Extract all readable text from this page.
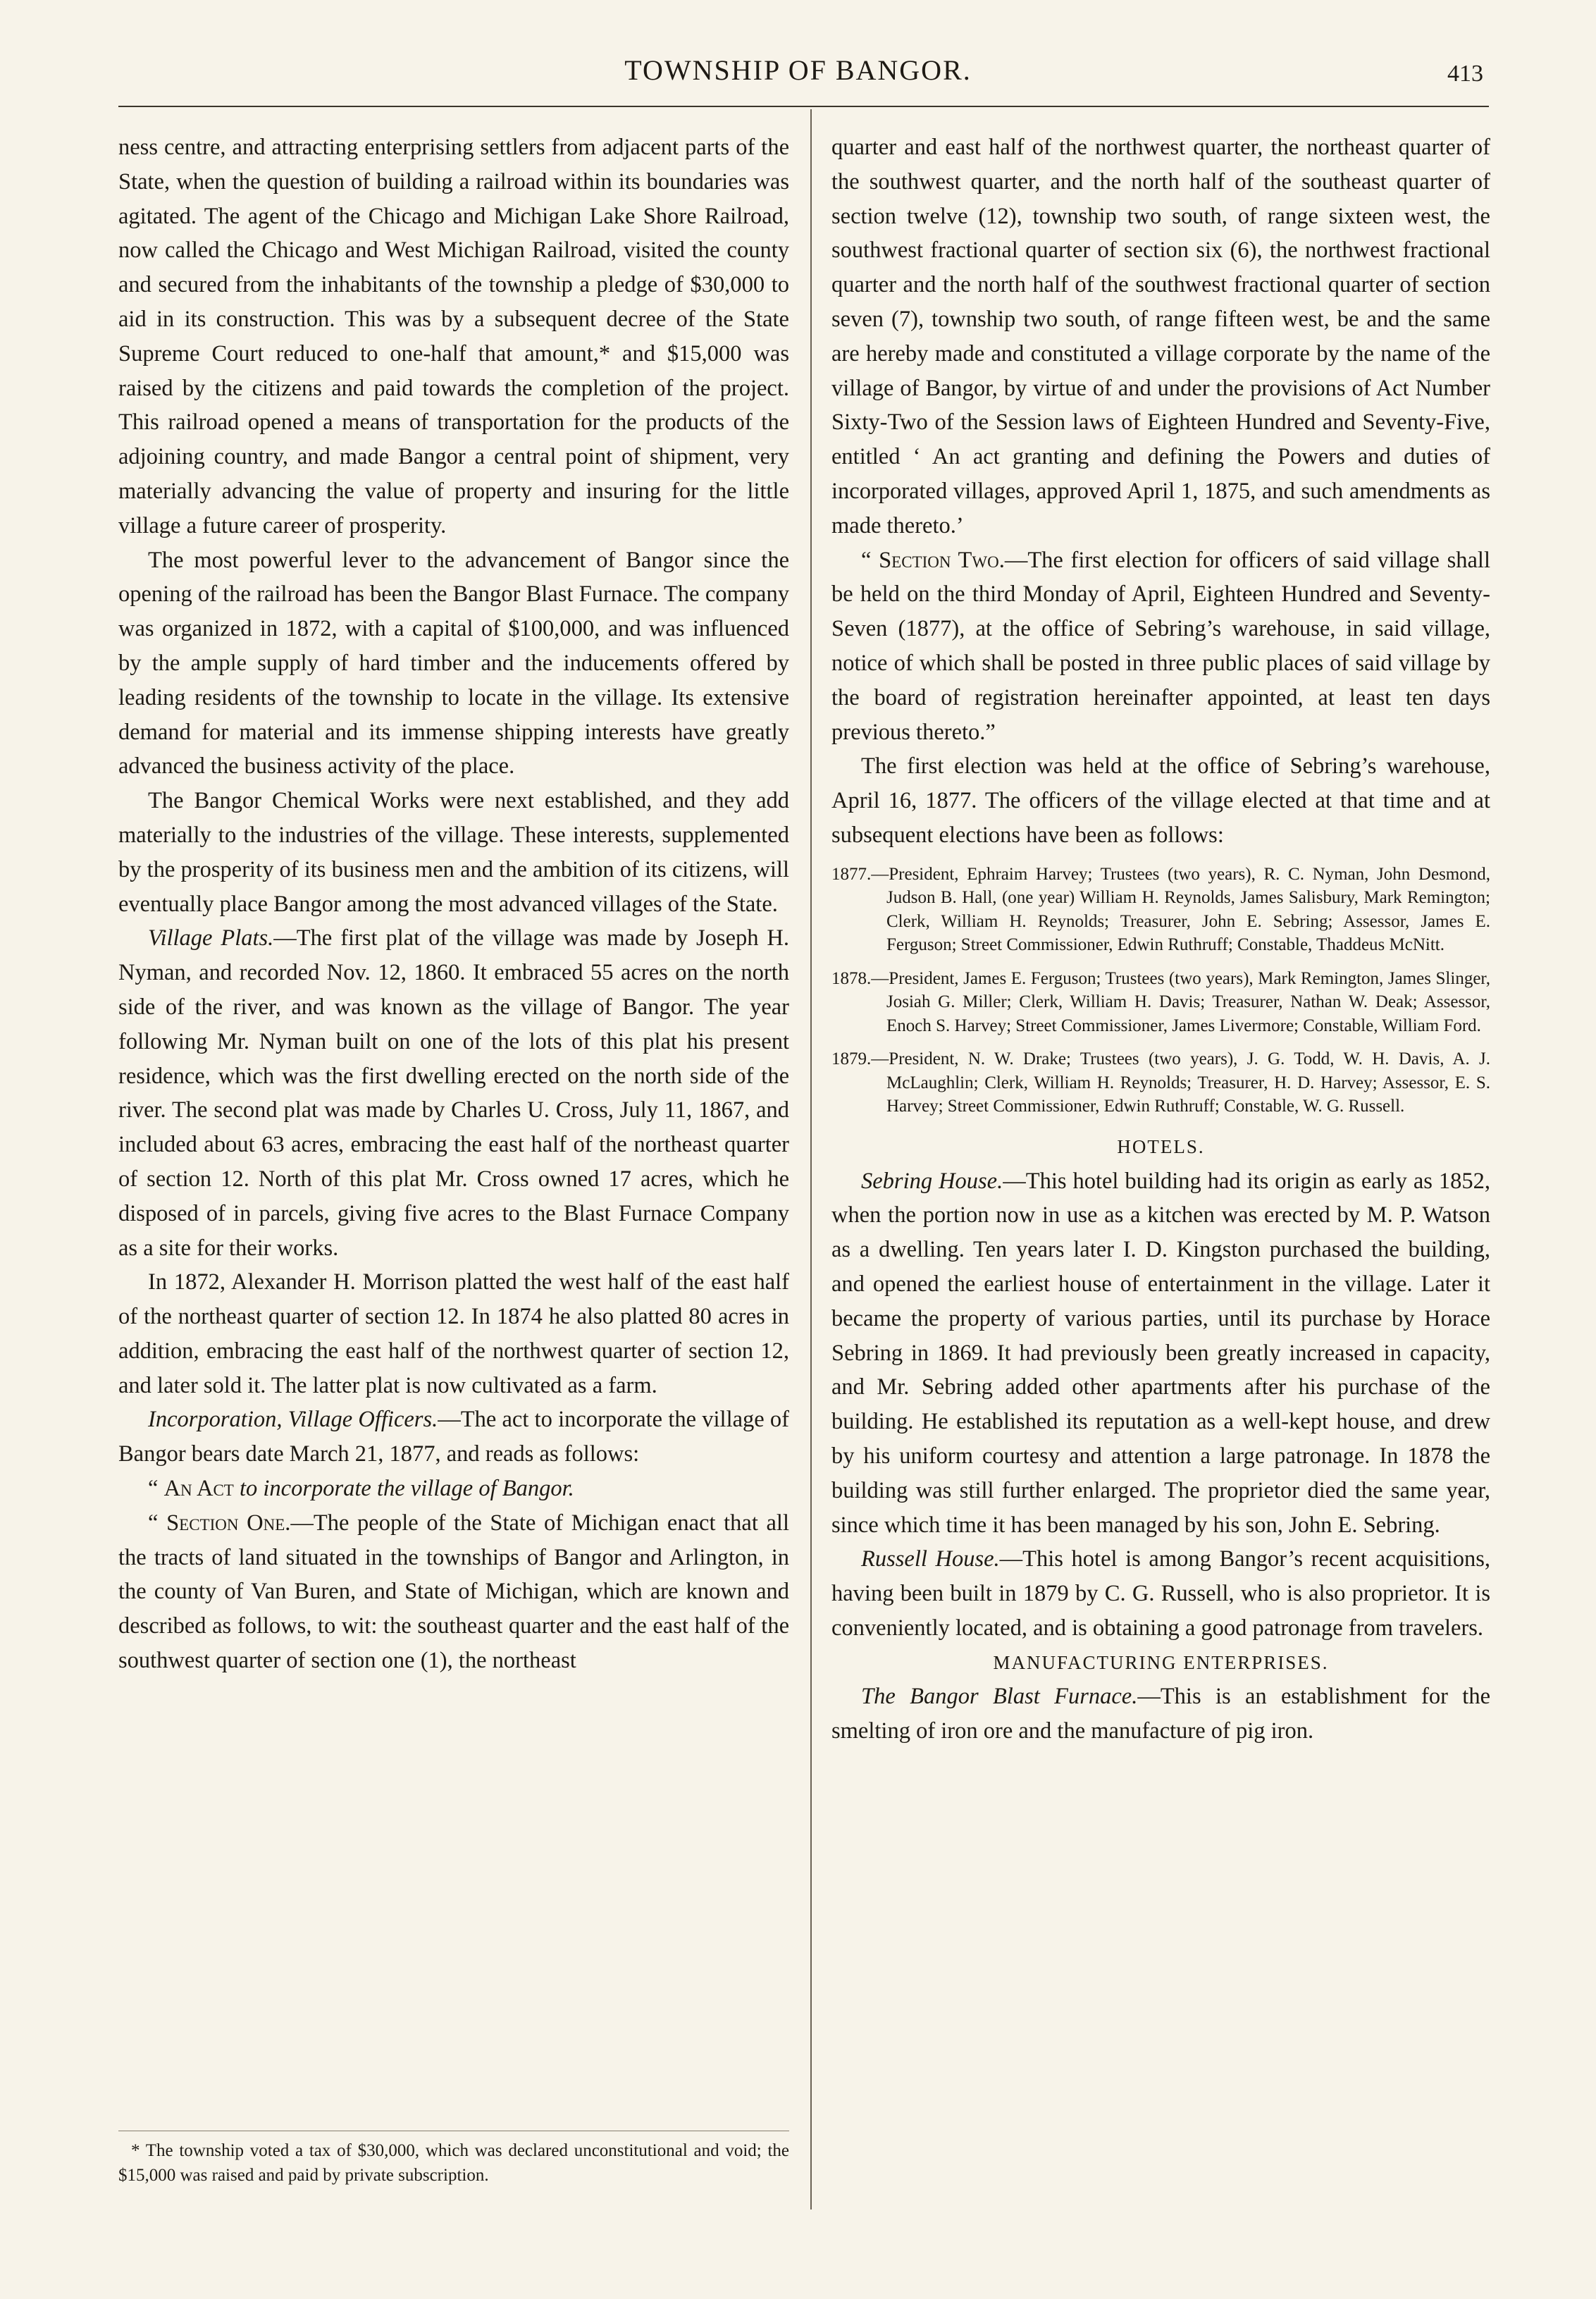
TOWNSHIP OF BANGOR.	413

ness centre, and attracting enterprising settlers from adjacent parts of the State, when the question of building a railroad within its boundaries was agitated. The agent of the Chicago and Michigan Lake Shore Railroad, now called the Chicago and West Michigan Railroad, visited the county and secured from the inhabitants of the township a pledge of $30,000 to aid in its construction. This was by a subsequent decree of the State Supreme Court reduced to one-half that amount,* and $15,000 was raised by the citizens and paid towards the completion of the project. This railroad opened a means of transportation for the products of the adjoining country, and made Bangor a central point of shipment, very materially advancing the value of property and insuring for the little village a future career of prosperity.

The most powerful lever to the advancement of Bangor since the opening of the railroad has been the Bangor Blast Furnace. The company was organized in 1872, with a capital of $100,000, and was influenced by the ample supply of hard timber and the inducements offered by leading residents of the township to locate in the village. Its extensive demand for material and its immense shipping interests have greatly advanced the business activity of the place.

The Bangor Chemical Works were next established, and they add materially to the industries of the village. These interests, supplemented by the prosperity of its business men and the ambition of its citizens, will eventually place Bangor among the most advanced villages of the State.

Village Plats.—The first plat of the village was made by Joseph H. Nyman, and recorded Nov. 12, 1860. It embraced 55 acres on the north side of the river, and was known as the village of Bangor. The year following Mr. Nyman built on one of the lots of this plat his present residence, which was the first dwelling erected on the north side of the river. The second plat was made by Charles U. Cross, July 11, 1867, and included about 63 acres, embracing the east half of the northeast quarter of section 12. North of this plat Mr. Cross owned 17 acres, which he disposed of in parcels, giving five acres to the Blast Furnace Company as a site for their works.

In 1872, Alexander H. Morrison platted the west half of the east half of the northeast quarter of section 12. In 1874 he also platted 80 acres in addition, embracing the east half of the northwest quarter of section 12, and later sold it. The latter plat is now cultivated as a farm.

Incorporation, Village Officers.—The act to incorporate the village of Bangor bears date March 21, 1877, and reads as follows:

“ An Act to incorporate the village of Bangor.

“ Section One.—The people of the State of Michigan enact that all the tracts of land situated in the townships of Bangor and Arlington, in the county of Van Buren, and State of Michigan, which are known and described as follows, to wit: the southeast quarter and the east half of the southwest quarter of section one (1), the northeast

* The township voted a tax of $30,000, which was declared unconstitutional and void; the $15,000 was raised and paid by private subscription.

quarter and east half of the northwest quarter, the northeast quarter of the southwest quarter, and the north half of the southeast quarter of section twelve (12), township two south, of range sixteen west, the southwest fractional quarter of section six (6), the northwest fractional quarter and the north half of the southwest fractional quarter of section seven (7), township two south, of range fifteen west, be and the same are hereby made and constituted a village corporate by the name of the village of Bangor, by virtue of and under the provisions of Act Number Sixty-Two of the Session laws of Eighteen Hundred and Seventy-Five, entitled ‘ An act granting and defining the Powers and duties of incorporated villages, approved April 1, 1875, and such amendments as made thereto.’

“ Section Two.—The first election for officers of said village shall be held on the third Monday of April, Eighteen Hundred and Seventy-Seven (1877), at the office of Sebring’s warehouse, in said village, notice of which shall be posted in three public places of said village by the board of registration hereinafter appointed, at least ten days previous thereto.”

The first election was held at the office of Sebring’s warehouse, April 16, 1877. The officers of the village elected at that time and at subsequent elections have been as follows:

1877.—President, Ephraim Harvey; Trustees (two years), R. C. Nyman, John Desmond, Judson B. Hall, (one year) William H. Reynolds, James Salisbury, Mark Remington; Clerk, William H. Reynolds; Treasurer, John E. Sebring; Assessor, James E. Ferguson; Street Commissioner, Edwin Ruthruff; Constable, Thaddeus McNitt.
1878.—President, James E. Ferguson; Trustees (two years), Mark Remington, James Slinger, Josiah G. Miller; Clerk, William H. Davis; Treasurer, Nathan W. Deak; Assessor, Enoch S. Harvey; Street Commissioner, James Livermore; Constable, William Ford.
1879.—President, N. W. Drake; Trustees (two years), J. G. Todd, W. H. Davis, A. J. McLaughlin; Clerk, William H. Reynolds; Treasurer, H. D. Harvey; Assessor, E. S. Harvey; Street Commissioner, Edwin Ruthruff; Constable, W. G. Russell.

HOTELS.

Sebring House.—This hotel building had its origin as early as 1852, when the portion now in use as a kitchen was erected by M. P. Watson as a dwelling. Ten years later I. D. Kingston purchased the building, and opened the earliest house of entertainment in the village. Later it became the property of various parties, until its purchase by Horace Sebring in 1869. It had previously been greatly increased in capacity, and Mr. Sebring added other apartments after his purchase of the building. He established its reputation as a well-kept house, and drew by his uniform courtesy and attention a large patronage. In 1878 the building was still further enlarged. The proprietor died the same year, since which time it has been managed by his son, John E. Sebring.

Russell House.—This hotel is among Bangor’s recent acquisitions, having been built in 1879 by C. G. Russell, who is also proprietor. It is conveniently located, and is obtaining a good patronage from travelers.

MANUFACTURING ENTERPRISES.

The Bangor Blast Furnace.—This is an establishment for the smelting of iron ore and the manufacture of pig iron.
